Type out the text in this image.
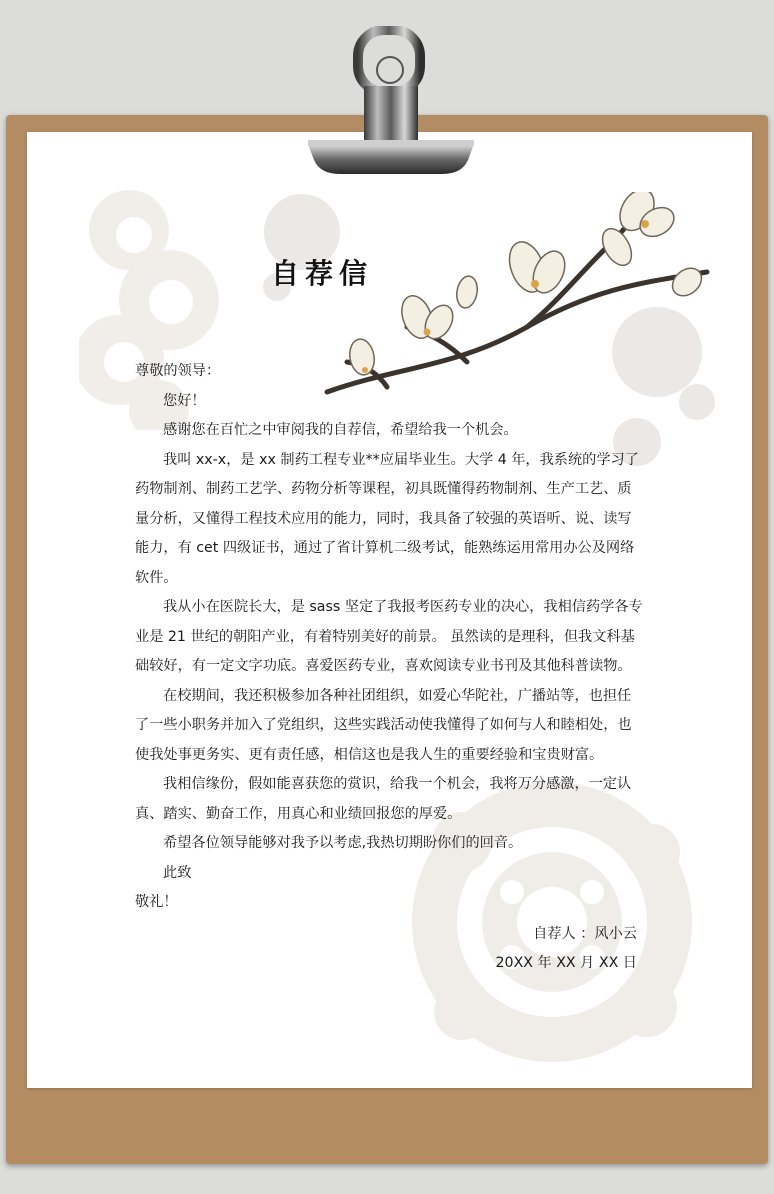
自荐信

尊敬的领导：

您好！

感谢您在百忙之中审阅我的自荐信，希望给我一个机会。

我叫 xx-x，是 xx 制药工程专业**应届毕业生。大学 4 年，我系统的学习了药物制剂、制药工艺学、药物分析等课程，初具既懂得药物制剂、生产工艺、质量分析，又懂得工程技术应用的能力，同时，我具备了较强的英语听、说、读写能力，有 cet 四级证书，通过了省计算机二级考试，能熟练运用常用办公及网络软件。

我从小在医院长大，是 sass 坚定了我报考医药专业的决心，我相信药学各专业是 21 世纪的朝阳产业，有着特别美好的前景。 虽然读的是理科，但我文科基础较好，有一定文字功底。喜爱医药专业，喜欢阅读专业书刊及其他科普读物。

在校期间，我还积极参加各种社团组织，如爱心华陀社，广播站等，也担任了一些小职务并加入了党组织，这些实践活动使我懂得了如何与人和睦相处，也使我处事更务实、更有责任感，相信这也是我人生的重要经验和宝贵财富。

我相信缘份，假如能喜获您的赏识，给我一个机会，我将万分感激，一定认真、踏实、勤奋工作，用真心和业绩回报您的厚爱。

希望各位领导能够对我予以考虑,我热切期盼你们的回音。

此致

敬礼！

自荐人 ：风小云

20XX 年 XX 月 XX 日
